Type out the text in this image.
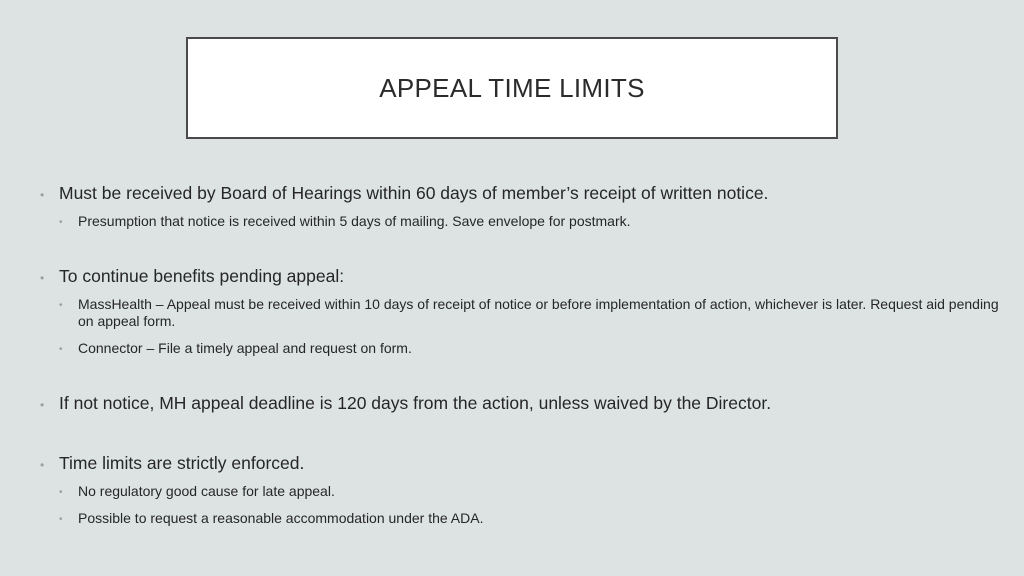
APPEAL TIME LIMITS
• Must be received by Board of Hearings within 60 days of member’s receipt of written notice.
• Presumption that notice is received within 5 days of mailing. Save envelope for postmark.
• To continue benefits pending appeal:
• MassHealth – Appeal must be received within 10 days of receipt of notice or before implementation of action, whichever is later. Request aid pending on appeal form.
• Connector – File a timely appeal and request on form.
• If not notice, MH appeal deadline is 120 days from the action, unless waived by the Director.
• Time limits are strictly enforced.
• No regulatory good cause for late appeal.
• Possible to request a reasonable accommodation under the ADA.
